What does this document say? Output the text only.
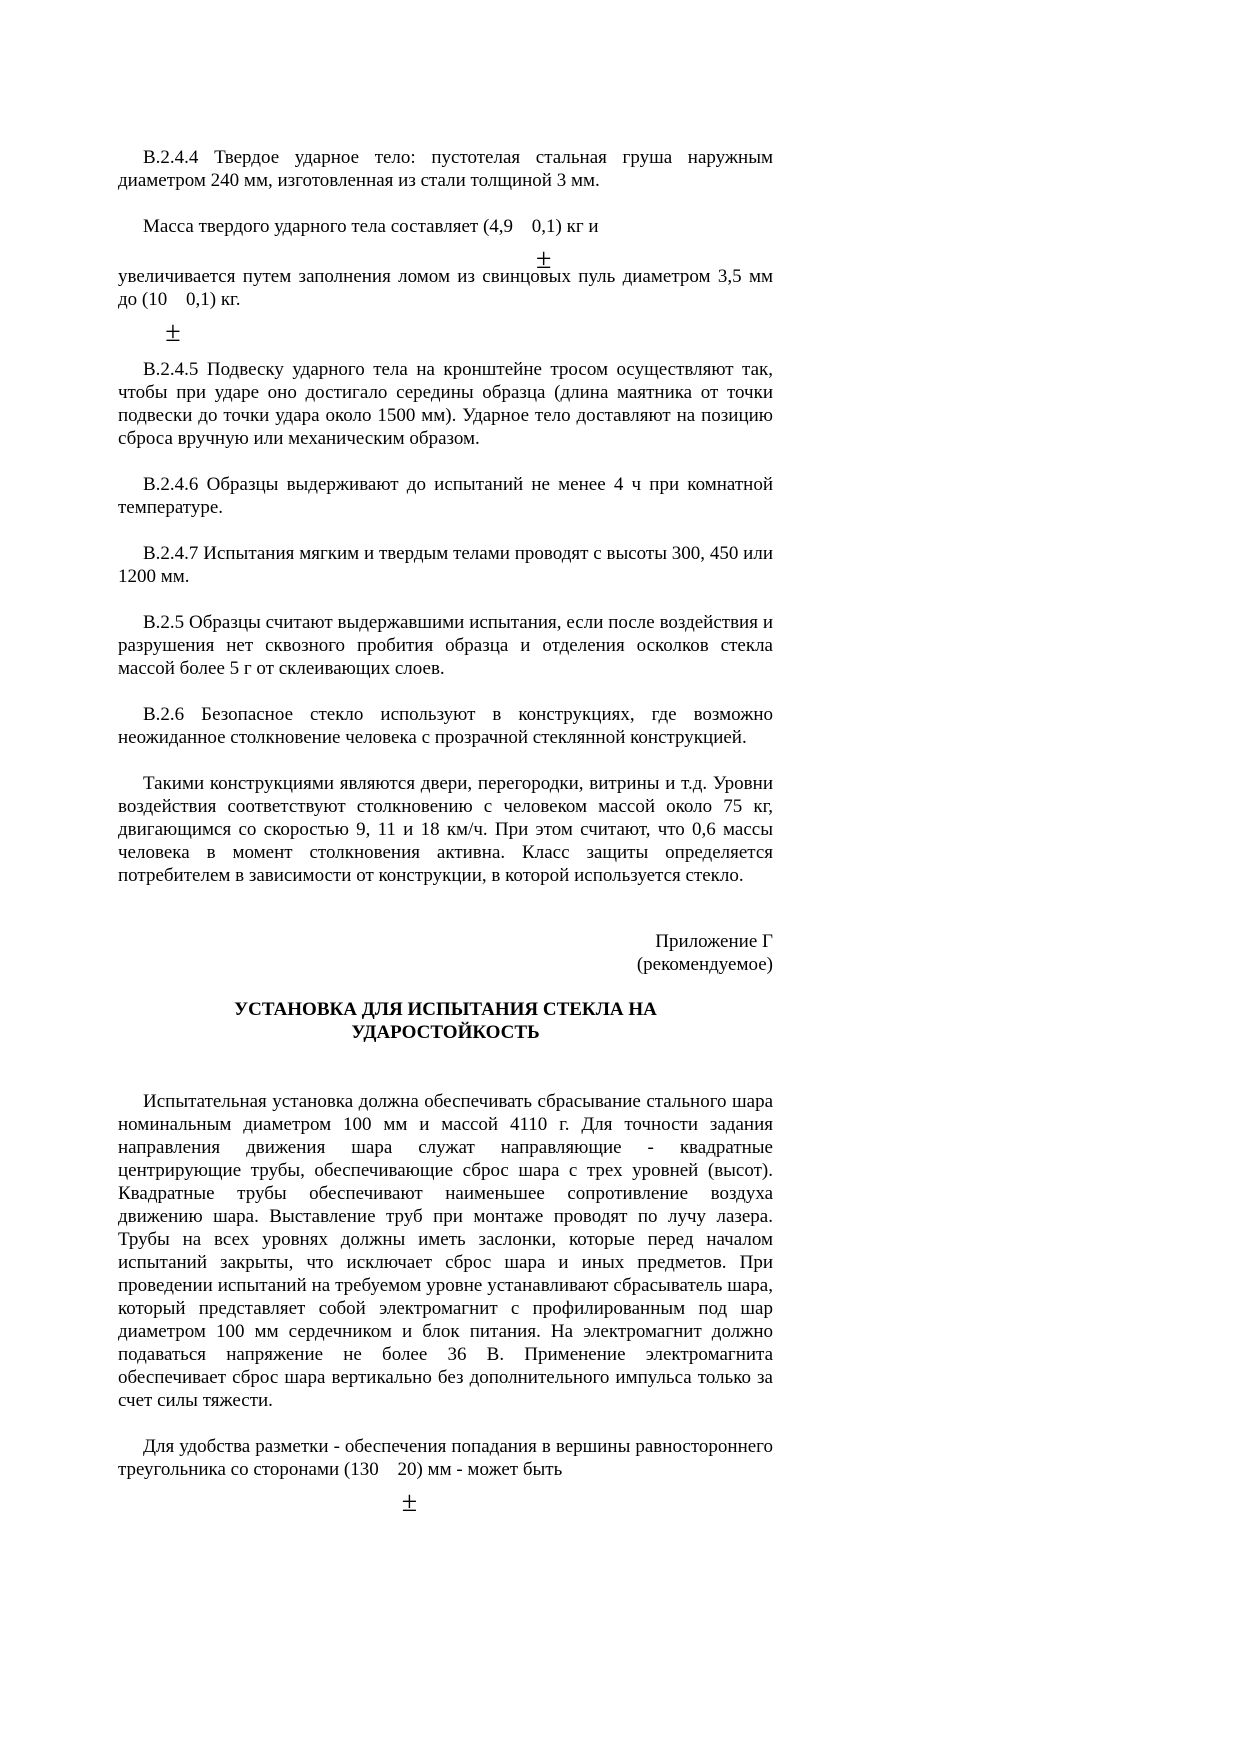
В.2.4.4 Твердое ударное тело: пустотелая стальная груша наружным диаметром 240 мм, изготовленная из стали толщиной 3 мм.

Масса твердого ударного тела составляет (4,9
±
0,1) кг и

увеличивается путем заполнения ломом из свинцовых пуль диаметром 3,5 мм до (10
±
0,1) кг.

В.2.4.5 Подвеску ударного тела на кронштейне тросом осуществляют так, чтобы при ударе оно достигало середины образца (длина маятника от точки подвески до точки удара около 1500 мм). Ударное тело доставляют на позицию сброса вручную или механическим образом.

В.2.4.6 Образцы выдерживают до испытаний не менее 4 ч при комнатной температуре.

В.2.4.7 Испытания мягким и твердым телами проводят с высоты 300, 450 или 1200 мм.

В.2.5 Образцы считают выдержавшими испытания, если после воздействия и разрушения нет сквозного пробития образца и отделения осколков стекла массой более 5 г от склеивающих слоев.

В.2.6 Безопасное стекло используют в конструкциях, где возможно неожиданное столкновение человека с прозрачной стеклянной конструкцией.

Такими конструкциями являются двери, перегородки, витрины и т.д. Уровни воздействия соответствуют столкновению с человеком массой около 75 кг, двигающимся со скоростью 9, 11 и 18 км/ч. При этом считают, что 0,6 массы человека в момент столкновения активна. Класс защиты определяется потребителем в зависимости от конструкции, в которой используется стекло.

Приложение Г

(рекомендуемое)

УСТАНОВКА ДЛЯ ИСПЫТАНИЯ СТЕКЛА НА
УДАРОСТОЙКОСТЬ

Испытательная установка должна обеспечивать сбрасывание стального шара номинальным диаметром 100 мм и массой 4110 г. Для точности задания направления движения шара служат направляющие - квадратные центрирующие трубы, обеспечивающие сброс шара с трех уровней (высот). Квадратные трубы обеспечивают наименьшее сопротивление воздуха движению шара. Выставление труб при монтаже проводят по лучу лазера. Трубы на всех уровнях должны иметь заслонки, которые перед началом испытаний закрыты, что исключает сброс шара и иных предметов. При проведении испытаний на требуемом уровне устанавливают сбрасыватель шара, который представляет собой электромагнит с профилированным под шар диаметром 100 мм сердечником и блок питания. На электромагнит должно подаваться напряжение не более 36 В. Применение электромагнита обеспечивает сброс шара вертикально без дополнительного импульса только за счет силы тяжести.

Для удобства разметки - обеспечения попадания в вершины равностороннего треугольника со сторонами (130
±
20) мм - может быть
